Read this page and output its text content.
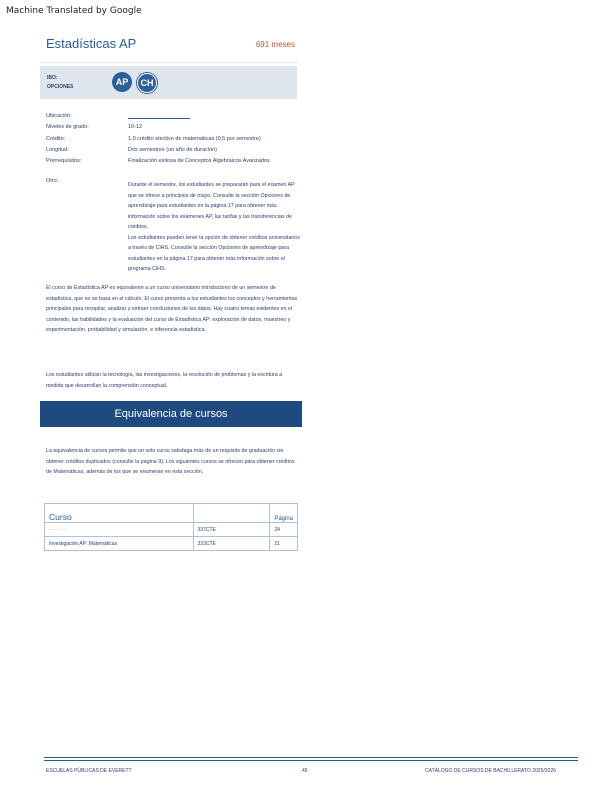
Machine Translated by Google
Estadísticas AP	691 meses
IBO:
OPCIONES	AP	CH
Ubicación:
Niveles de grado:	10-12
Crédito:	1.0 crédito electivo de matemáticas (0,5 por semestre)
Longitud:	Dos semestres (un año de duración)
Prerrequisitos:	Finalización exitosa de Conceptos Algebraicos Avanzados
Otro:

Durante el semestre, los estudiantes se prepararán para el examen AP que se ofrece a principios de mayo. Consulte la sección Opciones de aprendizaje para estudiantes en la página 17 para obtener más información sobre los exámenes AP, las tarifas y las transferencias de créditos.

Los estudiantes pueden tener la opción de obtener créditos universitarios a través de CiHS. Consulte la sección Opciones de aprendizaje para estudiantes en la página 17 para obtener más información sobre el programa CiHS.

El curso de Estadística AP es equivalente a un curso universitario introductorio de un semestre de estadística, que no se basa en el cálculo. El curso presenta a los estudiantes los conceptos y herramientas principales para recopilar, analizar y extraer conclusiones de los datos. Hay cuatro temas evidentes en el contenido, las habilidades y la evaluación del curso de Estadística AP: exploración de datos, muestreo y experimentación, probabilidad y simulación, e inferencia estadística.
Los estudiantes utilizan la tecnología, las investigaciones, la resolución de problemas y la escritura a medida que desarrollan la comprensión conceptual.
Equivalencia de cursos
La equivalencia de cursos permite que un solo curso satisfaga más de un requisito de graduación sin obtener créditos duplicados (consulte la página 9). Los siguientes cursos se ofrecen para obtener créditos de Matemáticas, además de los que se enumeran en esta sección.
Curso		Página
· · · · · ·	337CTE	24
Investigación AP: Matemáticas	333CTE	21
ESCUELAS PÚBLICAS DE EVERETT	45	CATÁLOGO DE CURSOS DE BACHILLERATO 2025/2026
